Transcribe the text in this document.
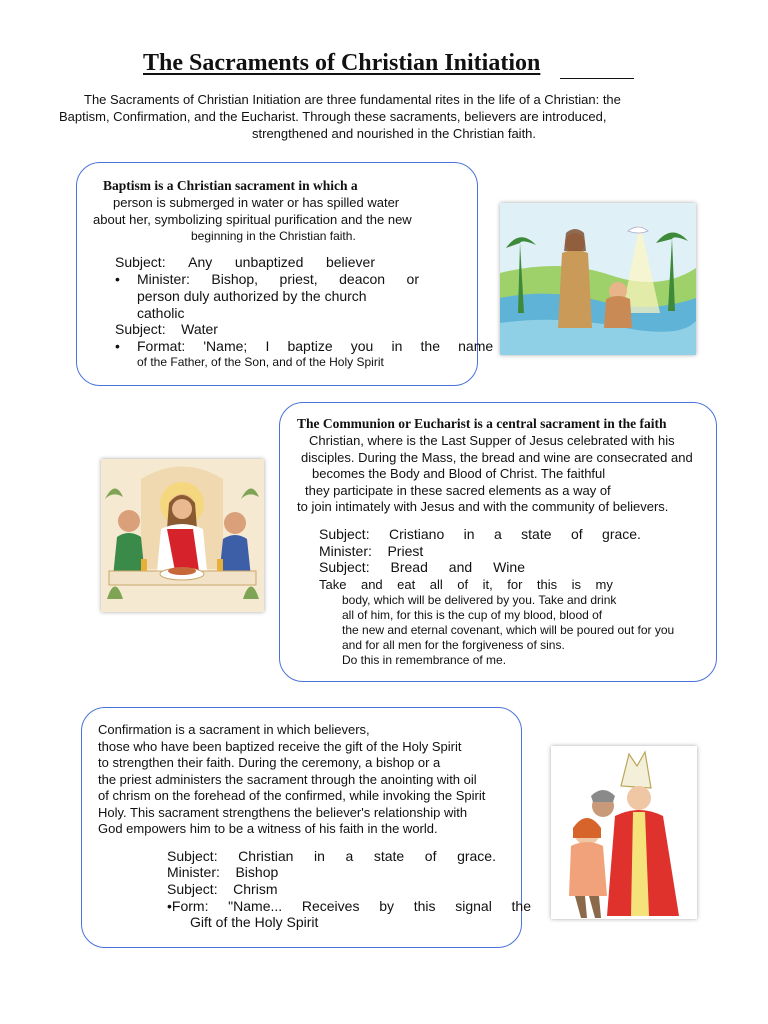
The Sacraments of Christian Initiation

The Sacraments of Christian Initiation are three fundamental rites in the life of a Christian: the

Baptism, Confirmation, and the Eucharist. Through these sacraments, believers are introduced,

strengthened and nourished in the Christian faith.

Baptism is a Christian sacrament in which a

person is submerged in water or has spilled water

about her, symbolizing spiritual purification and the new

beginning in the Christian faith.

Subject: Any unbaptized believer
• Minister: Bishop, priest, deacon or

person duly authorized by the church

catholic

Subject:    Water

• Format: 'Name; I baptize you in the name

of the Father, of the Son, and of the Holy Spirit

The Communion or Eucharist is a central sacrament in the faith

Christian, where is the Last Supper of Jesus celebrated with his

disciples. During the Mass, the bread and wine are consecrated and

becomes the Body and Blood of Christ. The faithful

they participate in these sacred elements as a way of

to join intimately with Jesus and with the community of believers.

Subject: Cristiano in a state of grace.

Minister:    Priest

Subject: Bread and Wine
Take and eat all of it, for this is my

body, which will be delivered by you. Take and drink

all of him, for this is the cup of my blood, blood of

the new and eternal covenant, which will be poured out for you

and for all men for the forgiveness of sins.

Do this in remembrance of me.

Confirmation is a sacrament in which believers,

those who have been baptized receive the gift of the Holy Spirit

to strengthen their faith. During the ceremony, a bishop or a

the priest administers the sacrament through the anointing with oil

of chrism on the forehead of the confirmed, while invoking the Spirit

Holy. This sacrament strengthens the believer's relationship with

God empowers him to be a witness of his faith in the world.

Subject: Christian in a state of grace.

Minister:    Bishop

Subject:    Chrism

•Form: "Name... Receives by this signal the

Gift of the Holy Spirit
